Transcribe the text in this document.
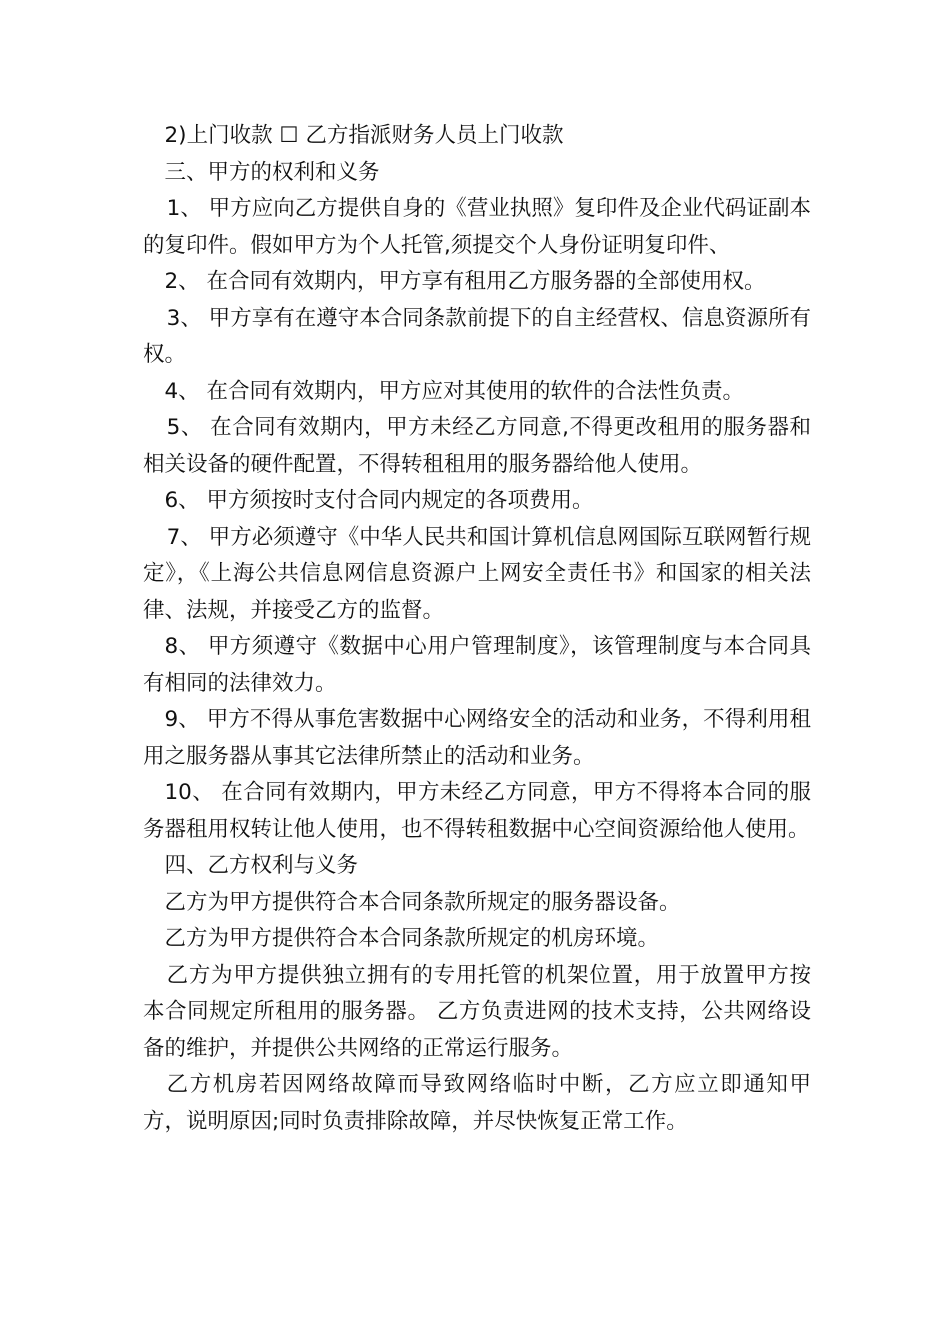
2)上门收款 ☐ 乙方指派财务人员上门收款

三、甲方的权利和义务

1、 甲方应向乙方提供自身的《营业执照》复印件及企业代码证副本的复印件。假如甲方为个人托管,须提交个人身份证明复印件、

2、 在合同有效期内，甲方享有租用乙方服务器的全部使用权。

3、 甲方享有在遵守本合同条款前提下的自主经营权、信息资源所有权。

4、 在合同有效期内，甲方应对其使用的软件的合法性负责。

5、 在合同有效期内，甲方未经乙方同意,不得更改租用的服务器和相关设备的硬件配置，不得转租租用的服务器给他人使用。

6、 甲方须按时支付合同内规定的各项费用。

7、 甲方必须遵守《中华人民共和国计算机信息网国际互联网暂行规定》，《上海公共信息网信息资源户上网安全责任书》和国家的相关法律、法规，并接受乙方的监督。

8、 甲方须遵守《数据中心用户管理制度》，该管理制度与本合同具有相同的法律效力。

9、 甲方不得从事危害数据中心网络安全的活动和业务，不得利用租用之服务器从事其它法律所禁止的活动和业务。

10、 在合同有效期内，甲方未经乙方同意，甲方不得将本合同的服务器租用权转让他人使用，也不得转租数据中心空间资源给他人使用。

四、乙方权利与义务

乙方为甲方提供符合本合同条款所规定的服务器设备。

乙方为甲方提供符合本合同条款所规定的机房环境。

乙方为甲方提供独立拥有的专用托管的机架位置，用于放置甲方按本合同规定所租用的服务器。 乙方负责进网的技术支持，公共网络设备的维护，并提供公共网络的正常运行服务。

乙方机房若因网络故障而导致网络临时中断，乙方应立即通知甲方，说明原因;同时负责排除故障，并尽快恢复正常工作。
